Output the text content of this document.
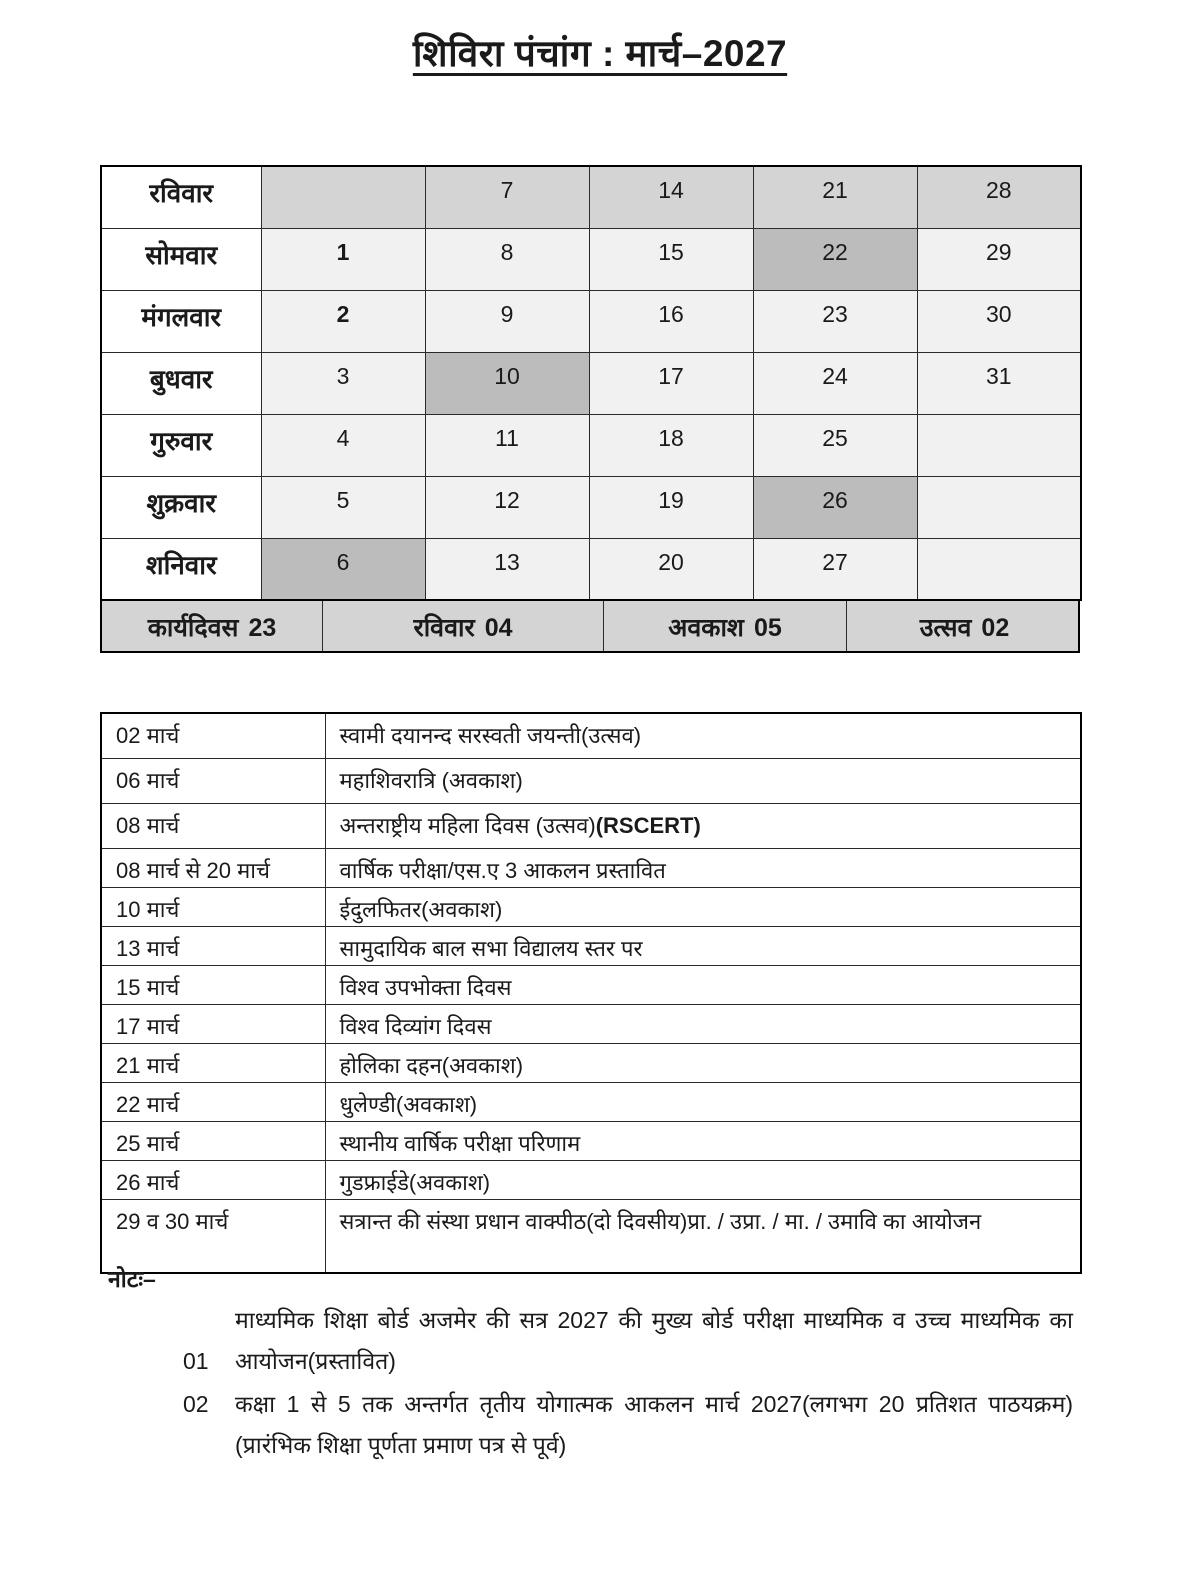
शिविरा पंचांग : मार्च–2027
रविवार		7	14	21	28
सोमवार	1	8	15	22	29
मंगलवार	2	9	16	23	30
बुधवार	3	10	17	24	31
गुरुवार	4	11	18	25	
शुक्रवार	5	12	19	26	
शनिवार	6	13	20	27	
कार्यदिवस 23	रविवार 04	अवकाश 05	उत्सव 02
02 मार्च	स्वामी दयानन्द सरस्वती जयन्ती(उत्सव)
06 मार्च	महाशिवरात्रि (अवकाश)
08 मार्च	अन्तराष्ट्रीय महिला दिवस (उत्सव)(RSCERT)
08 मार्च से 20 मार्च	वार्षिक परीक्षा/एस.ए 3 आकलन प्रस्तावित
10 मार्च	ईदुलफितर(अवकाश)
13 मार्च	सामुदायिक बाल सभा विद्यालय स्तर पर
15 मार्च	विश्व उपभोक्ता दिवस
17 मार्च	विश्व दिव्यांग दिवस
21 मार्च	होलिका दहन(अवकाश)
22 मार्च	धुलेण्डी(अवकाश)
25 मार्च	स्थानीय वार्षिक परीक्षा परिणाम
26 मार्च	गुडफ्राईडे(अवकाश)
29 व 30 मार्च	सत्रान्त की संस्था प्रधान वाक्पीठ(दो दिवसीय)प्रा. / उप्रा. / मा. / उमावि का आयोजन
नोटः–
01
माध्यमिक शिक्षा बोर्ड अजमेर की सत्र 2027 की मुख्य बोर्ड परीक्षा माध्यमिक व उच्च माध्यमिक का आयोजन(प्रस्तावित)
02	कक्षा 1 से 5 तक अन्तर्गत तृतीय योगात्मक आकलन मार्च 2027(लगभग 20 प्रतिशत पाठयक्रम)(प्रारंभिक शिक्षा पूर्णता प्रमाण पत्र से पूर्व)
